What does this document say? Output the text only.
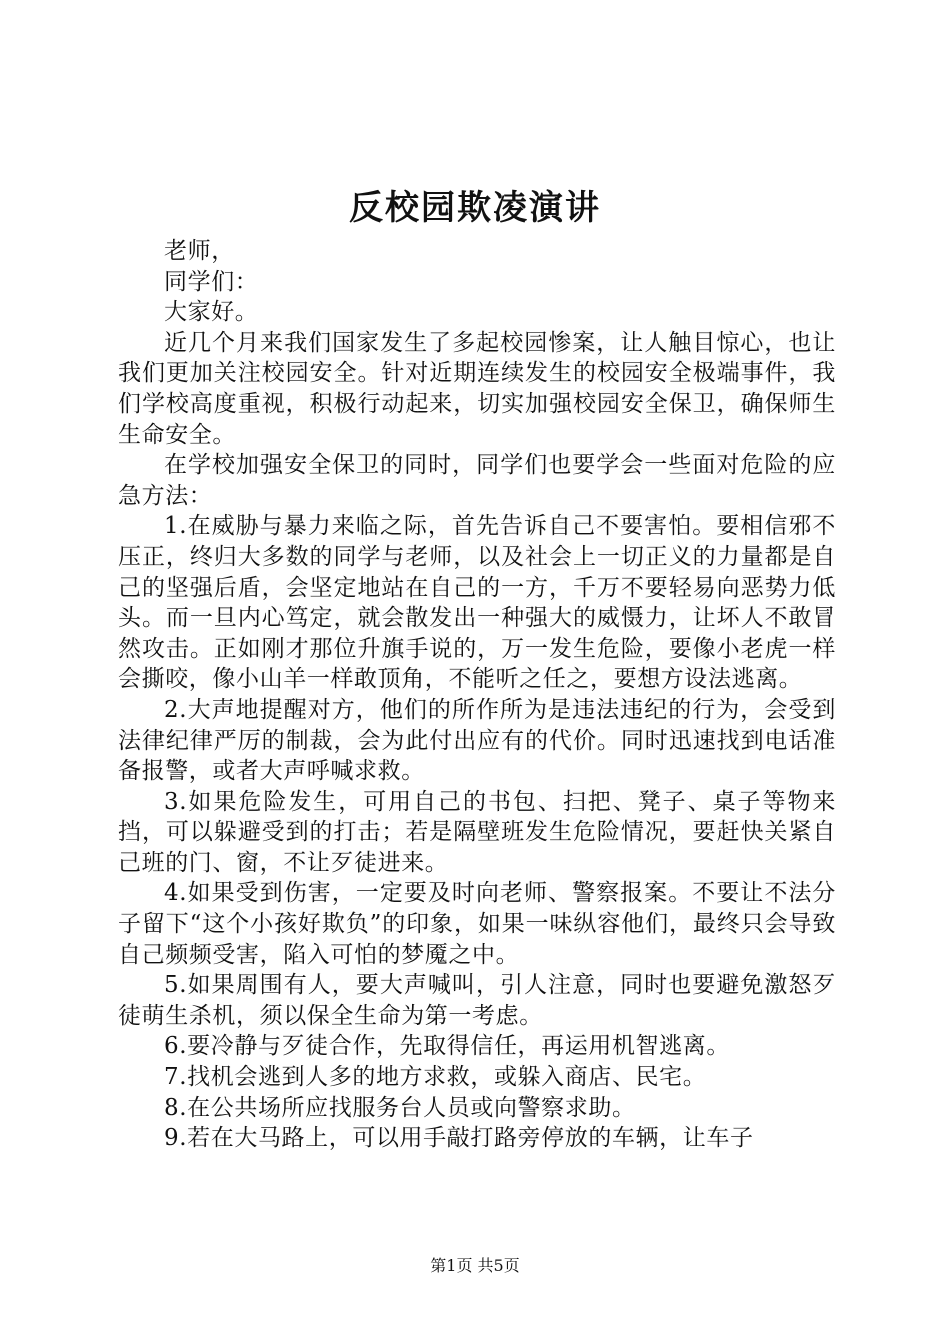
反校园欺凌演讲

老师，

同学们：

大家好。

近几个月来我们国家发生了多起校园惨案，让人触目惊心，也让我们更加关注校园安全。针对近期连续发生的校园安全极端事件，我们学校高度重视，积极行动起来，切实加强校园安全保卫，确保师生生命安全。

在学校加强安全保卫的同时，同学们也要学会一些面对危险的应急方法：

1.在威胁与暴力来临之际，首先告诉自己不要害怕。要相信邪不压正，终归大多数的同学与老师，以及社会上一切正义的力量都是自己的坚强后盾，会坚定地站在自己的一方，千万不要轻易向恶势力低头。而一旦内心笃定，就会散发出一种强大的威慑力，让坏人不敢冒然攻击。正如刚才那位升旗手说的，万一发生危险，要像小老虎一样会撕咬，像小山羊一样敢顶角，不能听之任之，要想方设法逃离。

2.大声地提醒对方，他们的所作所为是违法违纪的行为，会受到法律纪律严厉的制裁，会为此付出应有的代价。同时迅速找到电话准备报警，或者大声呼喊求救。

3.如果危险发生，可用自己的书包、扫把、凳子、桌子等物来挡，可以躲避受到的打击；若是隔壁班发生危险情况，要赶快关紧自己班的门、窗，不让歹徒进来。

4.如果受到伤害，一定要及时向老师、警察报案。不要让不法分子留下“这个小孩好欺负”的印象，如果一味纵容他们，最终只会导致自己频频受害，陷入可怕的梦魇之中。

5.如果周围有人，要大声喊叫，引人注意，同时也要避免激怒歹徒萌生杀机，须以保全生命为第一考虑。

6.要冷静与歹徒合作，先取得信任，再运用机智逃离。

7.找机会逃到人多的地方求救，或躲入商店、民宅。

8.在公共场所应找服务台人员或向警察求助。

9.若在大马路上，可以用手敲打路旁停放的车辆，让车子

第1页 共5页
